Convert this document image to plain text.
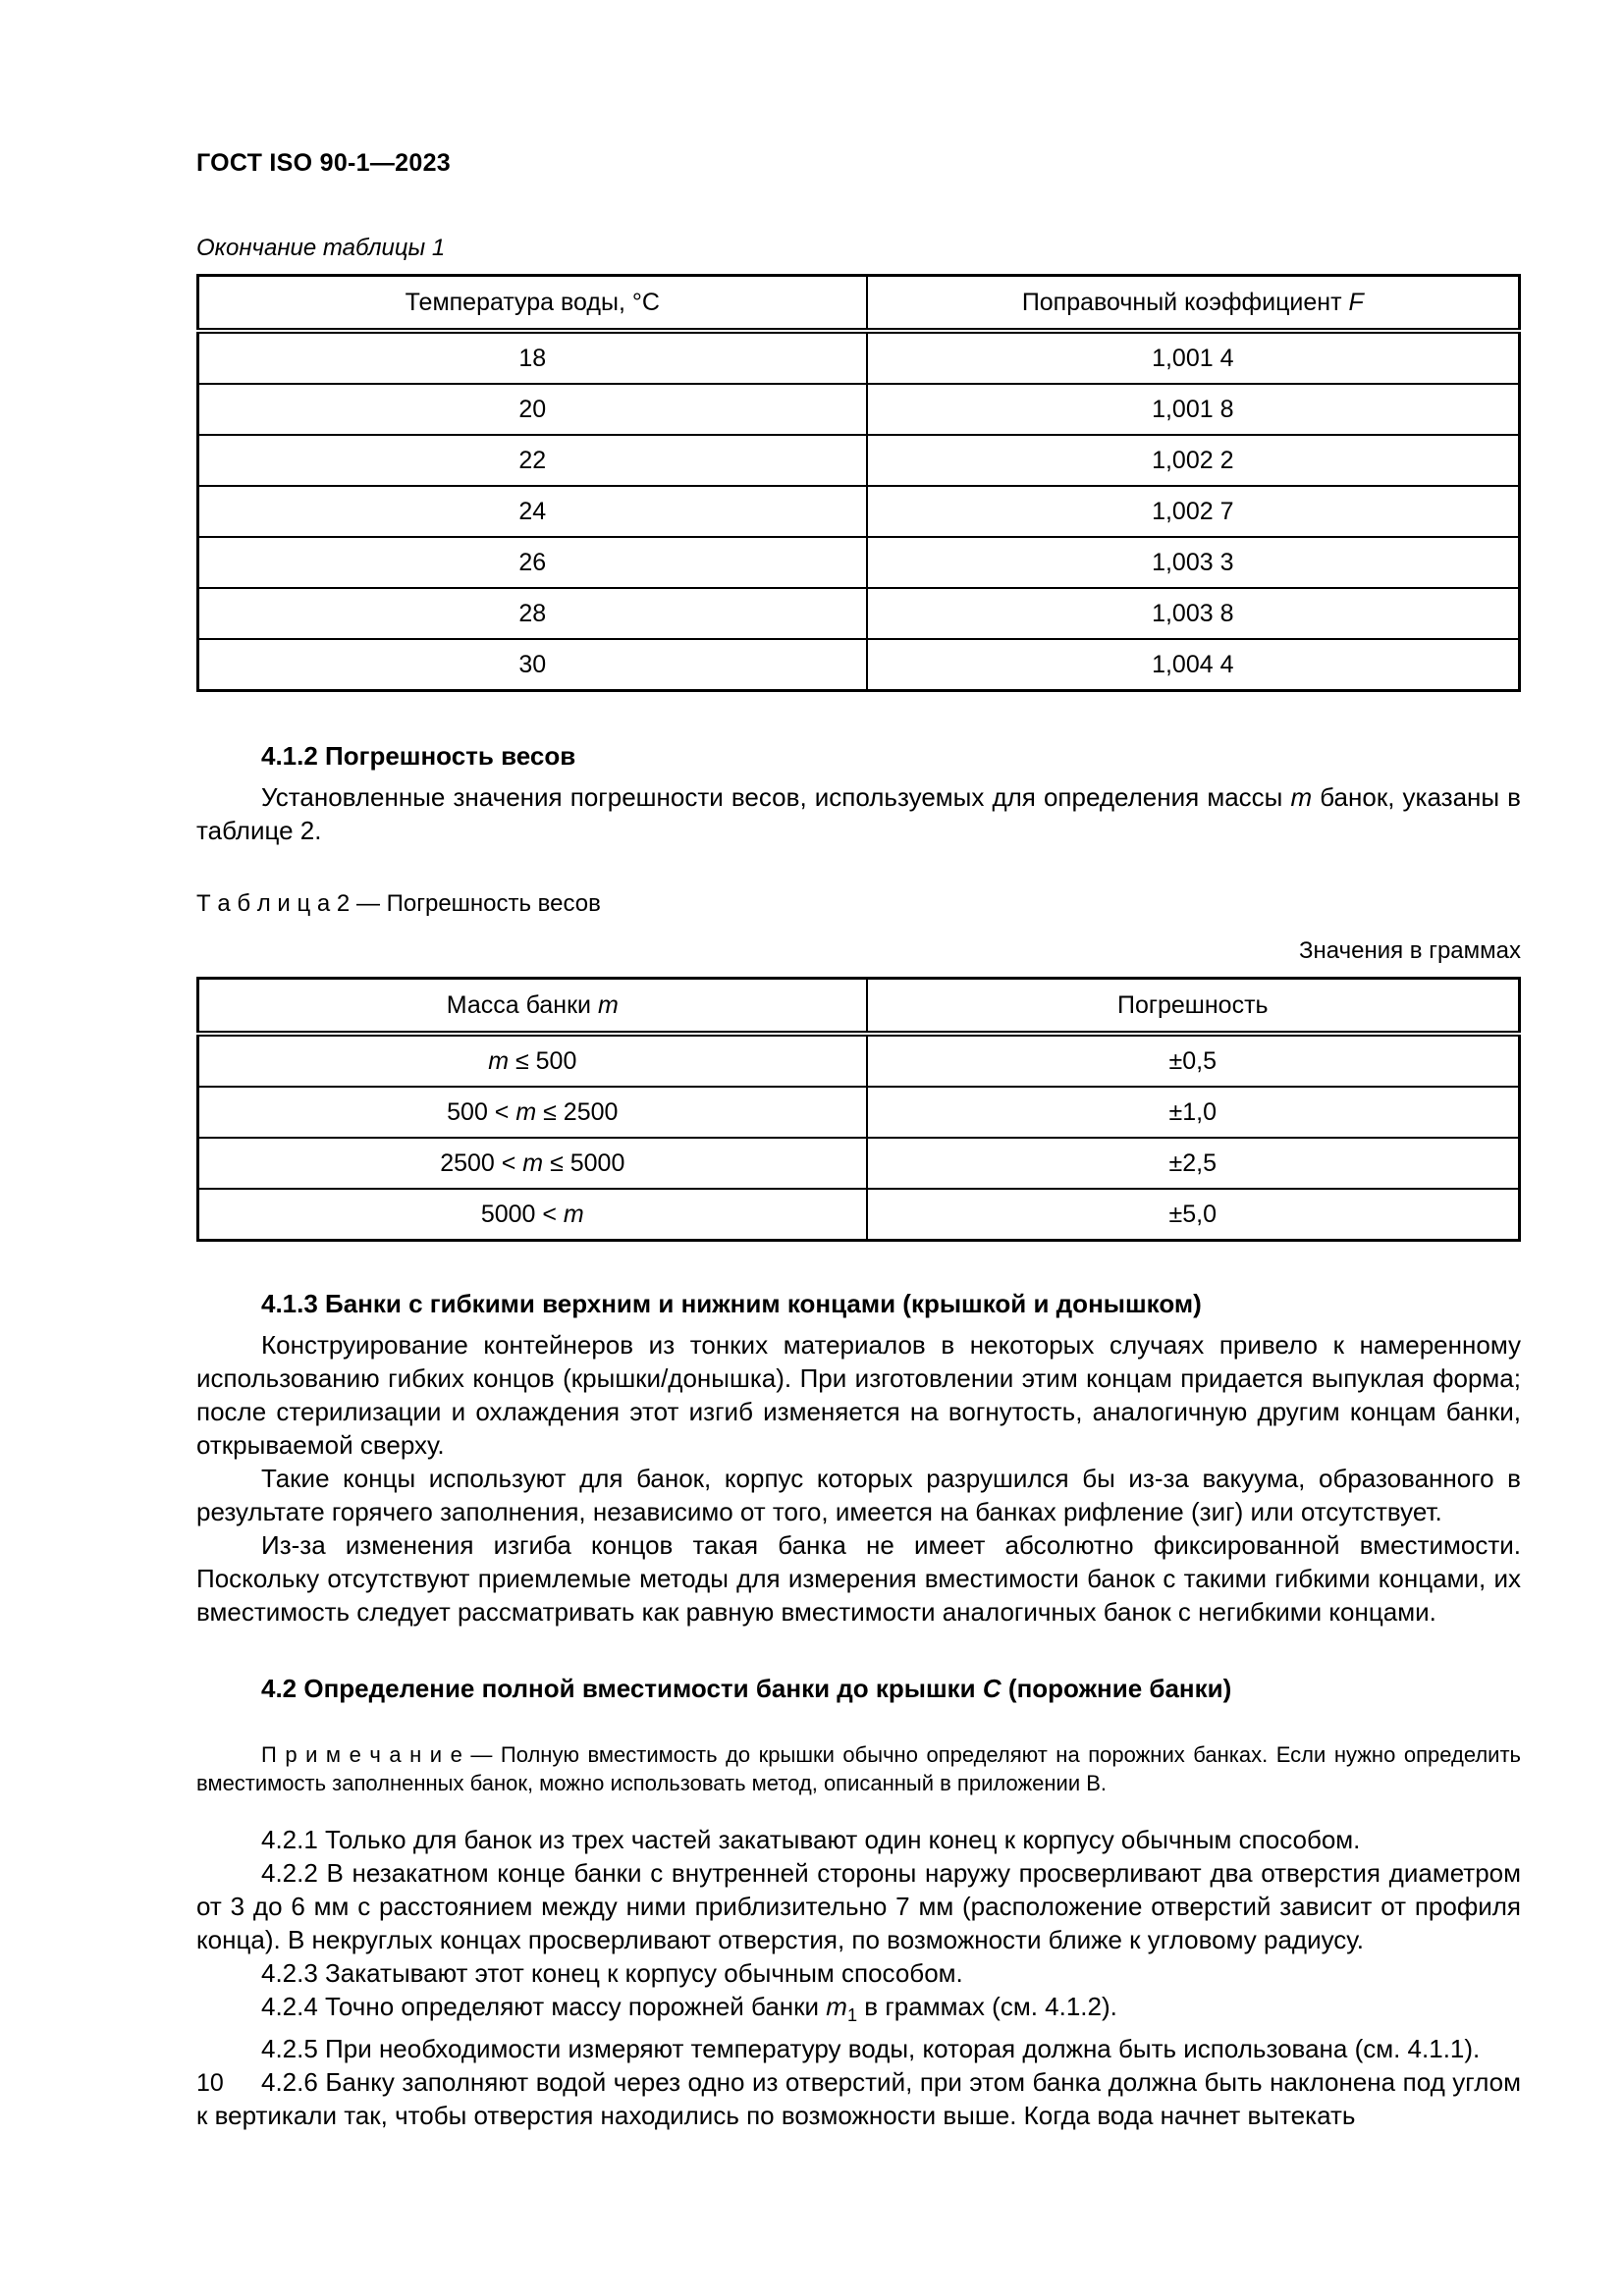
ГОСТ ISO 90-1—2023
Окончание таблицы 1
Температура воды, °С	Поправочный коэффициент F
18	1,001 4
20	1,001 8
22	1,002 2
24	1,002 7
26	1,003 3
28	1,003 8
30	1,004 4
4.1.2 Погрешность весов

Установленные значения погрешности весов, используемых для определения массы m банок, указаны в таблице 2.

Т а б л и ц а 2 — Погрешность весов
Значения в граммах
Масса банки m	Погрешность
m ≤ 500	±0,5
500 < m ≤ 2500	±1,0
2500 < m ≤ 5000	±2,5
5000 < m	±5,0
4.1.3 Банки с гибкими верхним и нижним концами (крышкой и донышком)

Конструирование контейнеров из тонких материалов в некоторых случаях привело к намеренному использованию гибких концов (крышки/донышка). При изготовлении этим концам придается выпуклая форма; после стерилизации и охлаждения этот изгиб изменяется на вогнутость, аналогичную другим концам банки, открываемой сверху.

Такие концы используют для банок, корпус которых разрушился бы из-за вакуума, образованного в результате горячего заполнения, независимо от того, имеется на банках рифление (зиг) или отсутствует.

Из-за изменения изгиба концов такая банка не имеет абсолютно фиксированной вместимости. Поскольку отсутствуют приемлемые методы для измерения вместимости банок с такими гибкими концами, их вместимость следует рассматривать как равную вместимости аналогичных банок с негибкими концами.

4.2 Определение полной вместимости банки до крышки С (порожние банки)

П р и м е ч а н и е — Полную вместимость до крышки обычно определяют на порожних банках. Если нужно определить вместимость заполненных банок, можно использовать метод, описанный в приложении В.

4.2.1 Только для банок из трех частей закатывают один конец к корпусу обычным способом.

4.2.2 В незакатном конце банки с внутренней стороны наружу просверливают два отверстия диаметром от 3 до 6 мм с расстоянием между ними приблизительно 7 мм (расположение отверстий зависит от профиля конца). В некруглых концах просверливают отверстия, по возможности ближе к угловому радиусу.

4.2.3 Закатывают этот конец к корпусу обычным способом.

4.2.4 Точно определяют массу порожней банки $m_1$ в граммах (см. 4.1.2).

4.2.5 При необходимости измеряют температуру воды, которая должна быть использована (см. 4.1.1).

4.2.6 Банку заполняют водой через одно из отверстий, при этом банка должна быть наклонена под углом к вертикали так, чтобы отверстия находились по возможности выше. Когда вода начнет вытекать

10
